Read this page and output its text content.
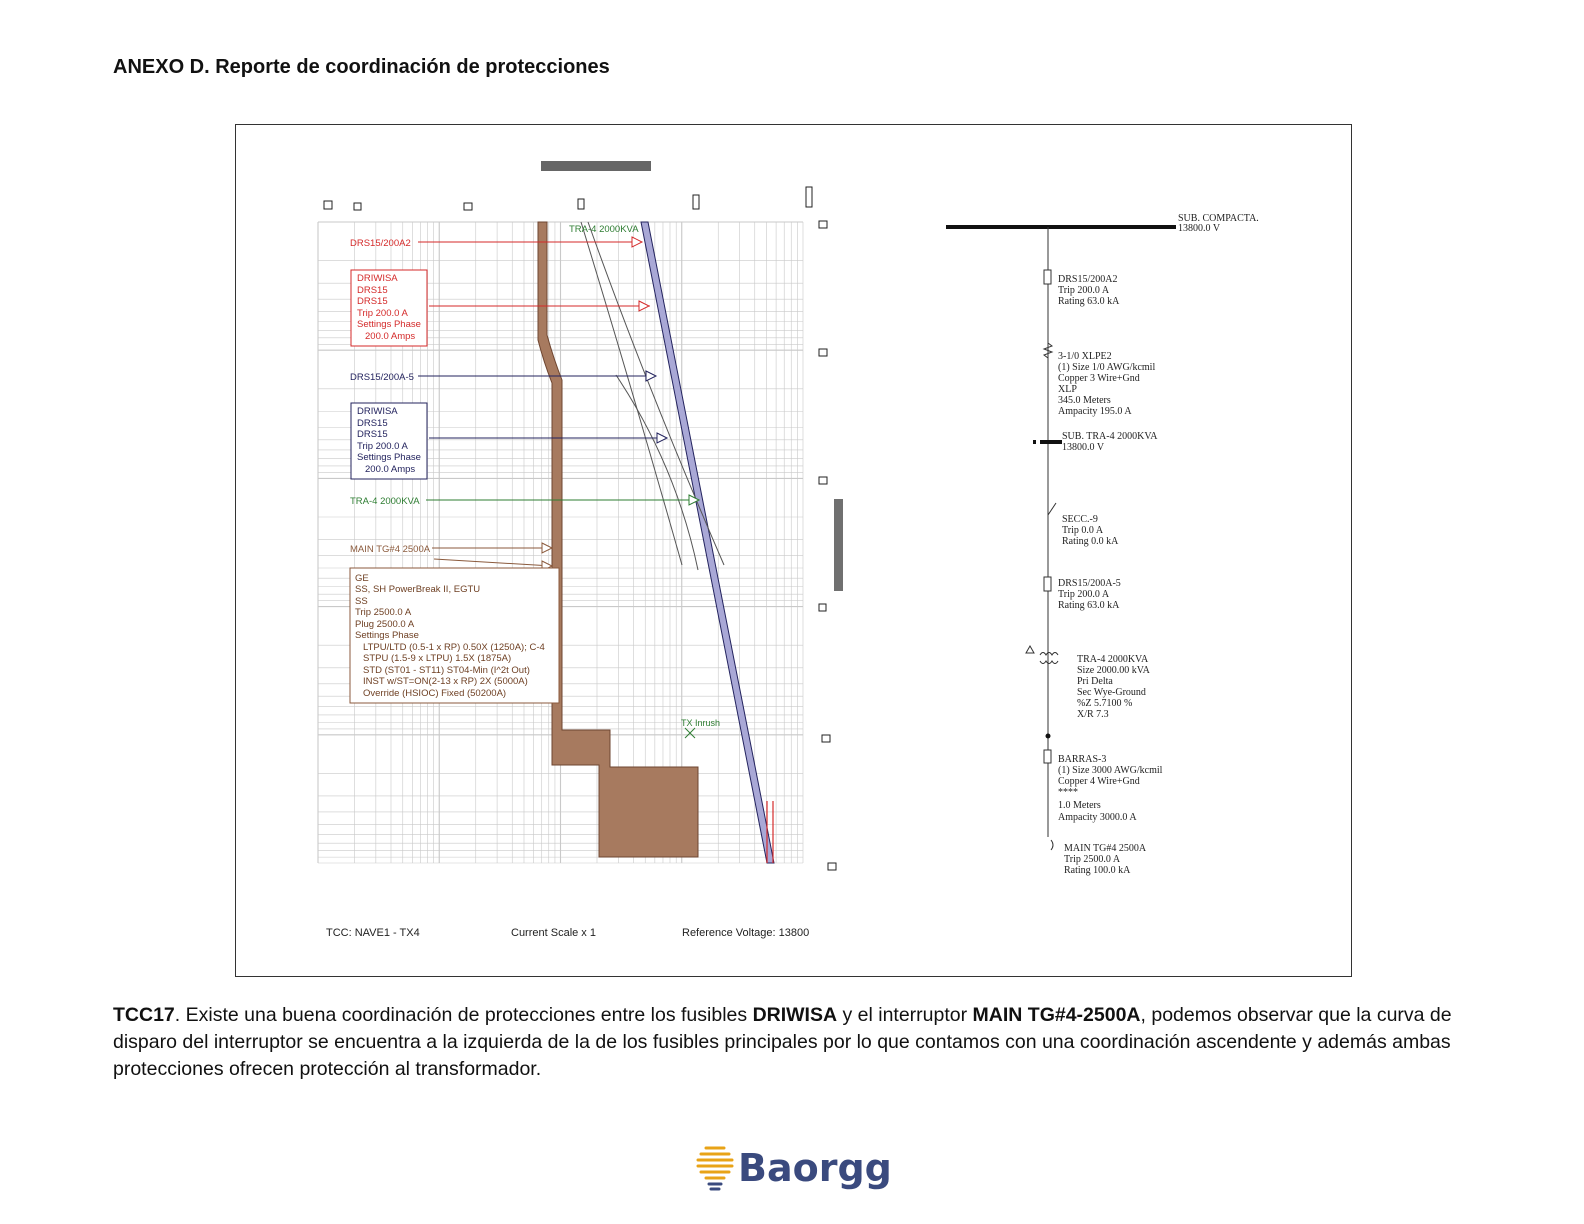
ANEXO D. Reporte de coordinación de protecciones
TX Inrush
DRS15/200A2
DRIWISA
DRS15
DRS15
Trip 200.0 A
Settings Phase
200.0 Amps
DRS15/200A-5
DRIWISA
DRS15
DRS15
Trip 200.0 A
Settings Phase
200.0 Amps
TRA-4 2000KVA
TRA-4 2000KVA
MAIN TG#4 2500A
GE
SS, SH PowerBreak II, EGTU
SS
Trip 2500.0 A
Plug 2500.0 A
Settings Phase
LTPU/LTD (0.5-1 x RP) 0.50X (1250A); C-4
STPU (1.5-9 x LTPU) 1.5X (1875A)
STD (ST01 - ST11) ST04-Min (I^2t Out)
INST w/ST=ON(2-13 x RP) 2X (5000A)
Override (HSIOC) Fixed (50200A)
TCC: NAVE1 - TX4	Current Scale x 1	Reference Voltage: 13800
SUB. COMPACTA.
13800.0 V
DRS15/200A2
Trip 200.0 A
Rating 63.0 kA
3-1/0 XLPE2
(1) Size 1/0 AWG/kcmil
Copper 3 Wire+Gnd
XLP
345.0 Meters
Ampacity 195.0 A
SUB. TRA-4 2000KVA
13800.0 V
SECC.-9
Trip 0.0 A
Rating 0.0 kA
DRS15/200A-5
Trip 200.0 A
Rating 63.0 kA
TRA-4 2000KVA
Size 2000.00 kVA
Pri Delta
Sec Wye-Ground
%Z 5.7100 %
X/R 7.3
BARRAS-3
(1) Size 3000 AWG/kcmil
Copper 4 Wire+Gnd
****
1.0 Meters
Ampacity 3000.0 A
MAIN TG#4 2500A
Trip 2500.0 A
Rating 100.0 kA
TCC17. Existe una buena coordinación de protecciones entre los fusibles DRIWISA y el interruptor MAIN TG#4-2500A, podemos observar que la curva de disparo del interruptor se encuentra a la izquierda de la de los fusibles principales por lo que contamos con una coordinación ascendente y además ambas protecciones ofrecen protección al transformador.
Baorgg
